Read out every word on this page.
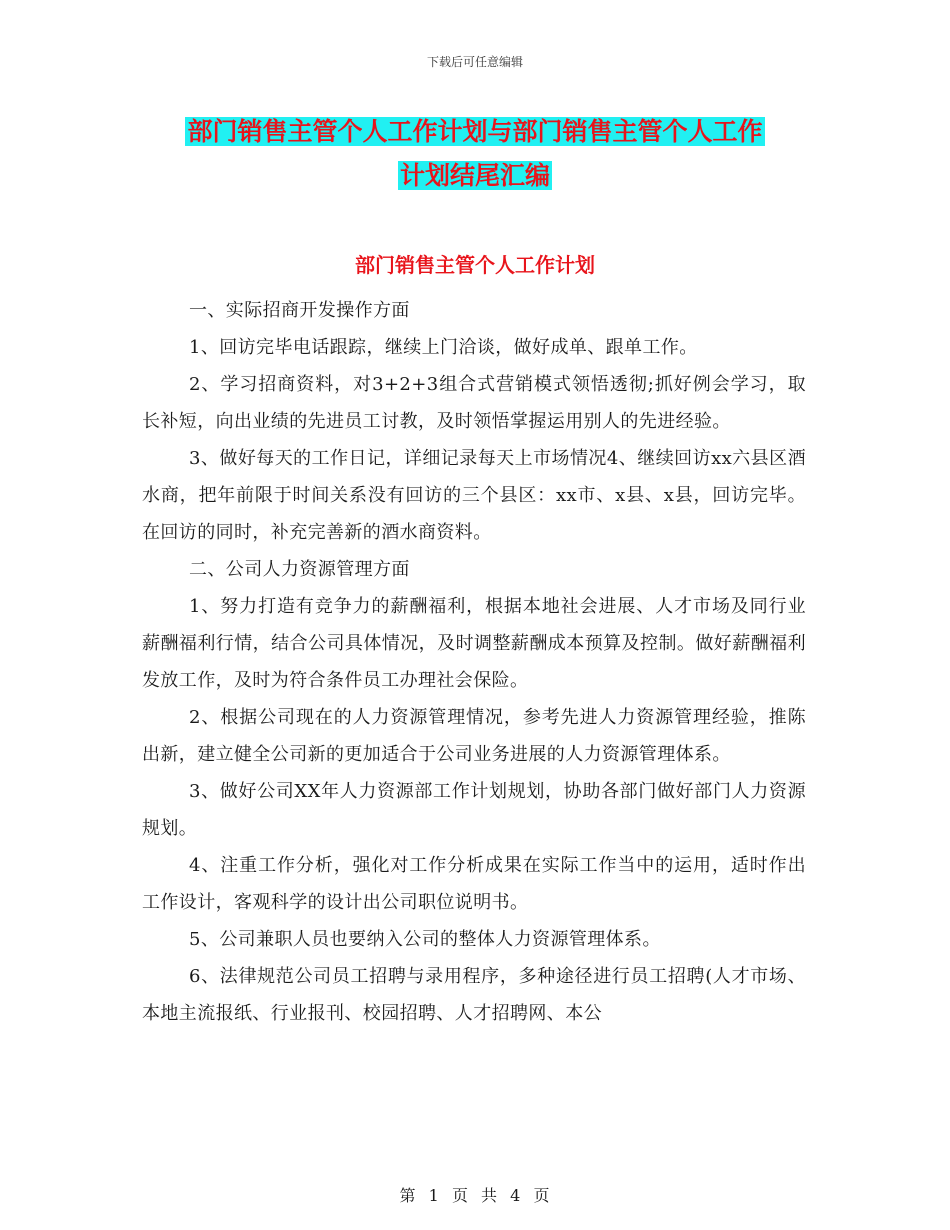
下载后可任意编辑
部门销售主管个人工作计划与部门销售主管个人工作
计划结尾汇编
部门销售主管个人工作计划

一、实际招商开发操作方面

1、回访完毕电话跟踪，继续上门洽谈，做好成单、跟单工作。

2、学习招商资料，对3+2+3组合式营销模式领悟透彻;抓好例会学习，取长补短，向出业绩的先进员工讨教，及时领悟掌握运用别人的先进经验。

3、做好每天的工作日记，详细记录每天上市场情况4、继续回访xx六县区酒水商，把年前限于时间关系没有回访的三个县区：xx市、x县、x县，回访完毕。在回访的同时，补充完善新的酒水商资料。

二、公司人力资源管理方面

1、努力打造有竞争力的薪酬福利，根据本地社会进展、人才市场及同行业薪酬福利行情，结合公司具体情况，及时调整薪酬成本预算及控制。做好薪酬福利发放工作，及时为符合条件员工办理社会保险。

2、根据公司现在的人力资源管理情况，参考先进人力资源管理经验，推陈出新，建立健全公司新的更加适合于公司业务进展的人力资源管理体系。

3、做好公司XX年人力资源部工作计划规划，协助各部门做好部门人力资源规划。

4、注重工作分析，强化对工作分析成果在实际工作当中的运用，适时作出工作设计，客观科学的设计出公司职位说明书。

5、公司兼职人员也要纳入公司的整体人力资源管理体系。

6、法律规范公司员工招聘与录用程序，多种途径进行员工招聘(人才市场、本地主流报纸、行业报刊、校园招聘、人才招聘网、本公

第 1 页 共 4 页
